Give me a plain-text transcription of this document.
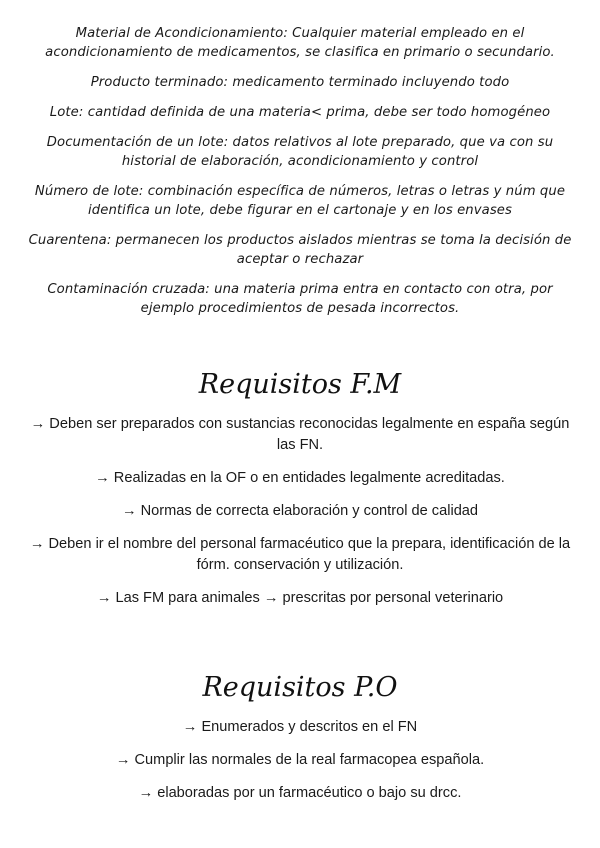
Material de Acondicionamiento: Cualquier material empleado en el acondicionamiento de medicamentos, se clasifica en primario o secundario.

Producto terminado: medicamento terminado incluyendo todo

Lote: cantidad definida de una materia< prima, debe ser todo homogéneo

Documentación de un lote: datos relativos al lote preparado, que va con su historial de elaboración, acondicionamiento y control

Número de lote: combinación específica de números, letras o letras y núm que identifica un lote, debe figurar en el cartonaje y en los envases

Cuarentena: permanecen los productos aislados mientras se toma la decisión de aceptar o rechazar

Contaminación cruzada: una materia prima entra en contacto con otra, por ejemplo procedimientos de pesada incorrectos.

Requisitos F.M

→ Deben ser preparados con sustancias reconocidas legalmente en españa según las FN.

→ Realizadas en la OF o en entidades legalmente acreditadas.

→ Normas de correcta elaboración y control de calidad

→ Deben ir el nombre del personal farmacéutico que la prepara, identificación de la fórm. conservación y utilización.

→ Las FM para animales → prescritas por personal veterinario

Requisitos P.O

→ Enumerados y descritos en el FN

→ Cumplir las normales de la real farmacopea española.

→ elaboradas por un farmacéutico o bajo su drcc.
